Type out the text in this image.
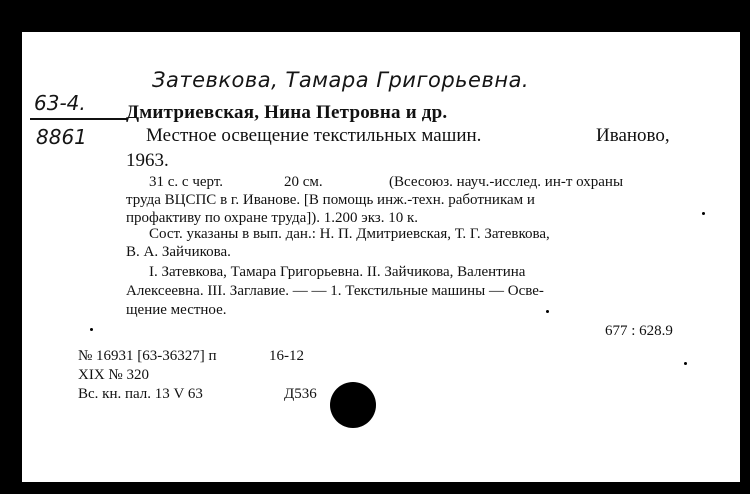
Затевкова, Тамара Григорьевна.
63-4.
8861
Дмитриевская, Нина Петровна и др.
Местное освещение текстильных машин.	Иваново,
1963.
31 с. с черт.	20 см.	(Всесоюз. науч.-исслед. ин-т охраны
труда ВЦСПС в г. Иванове. [В помощь инж.-техн. работникам и
профактиву по охране труда]). 1.200 экз. 10 к.
Сост. указаны в вып. дан.: Н. П. Дмитриевская, Т. Г. Затевкова,
В. А. Зайчикова.
I. Затевкова, Тамара Григорьевна. II. Зайчикова, Валентина
Алексеевна. III. Заглавие. — — 1. Текстильные машины — Осве-
щение местное.
677 : 628.9
№ 16931 [63-36327] п	16-12
XIX № 320
Вс. кн. пал. 13 V 63	Д536
